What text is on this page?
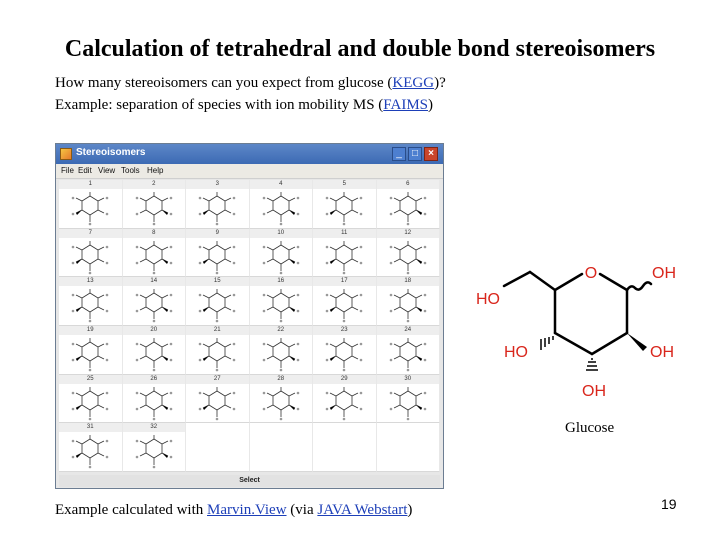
Calculation of tetrahedral and double bond stereoisomers

How many stereoisomers can you expect from glucose (KEGG)?

Example: separation of species with ion mobility MS (FAIMS)

Stereoisomers	_	□	×
File Edit View Tools Help
1	2	3	4	5	6
7	8	9	10	11	12
13	14	15	16	17	18
19	20	21	22	23	24
25	26	27	28	29	30
31	32
Select
O	OH
HO
HO	OH
OH
Glucose
Example calculated with Marvin.View (via JAVA Webstart)	19
